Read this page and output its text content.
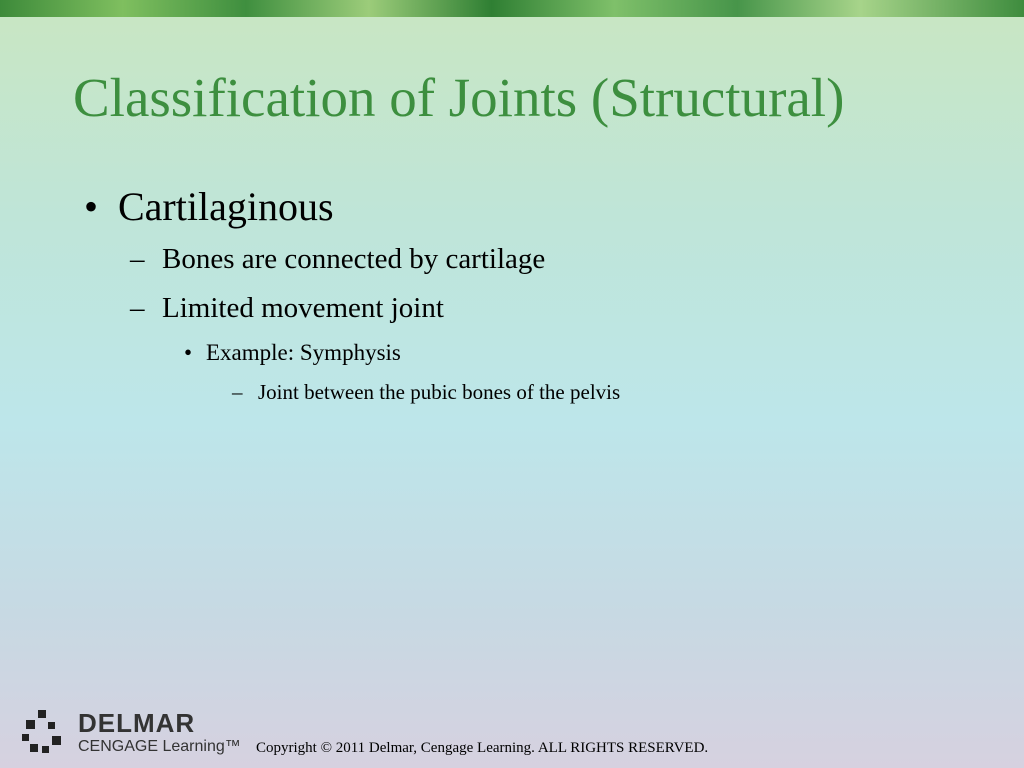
Classification of Joints (Structural)
• Cartilaginous
– Bones are connected by cartilage
– Limited movement joint
• Example: Symphysis
– Joint between the pubic bones of the pelvis
DELMAR
CENGAGE Learning™ Copyright © 2011 Delmar, Cengage Learning. ALL RIGHTS RESERVED.
